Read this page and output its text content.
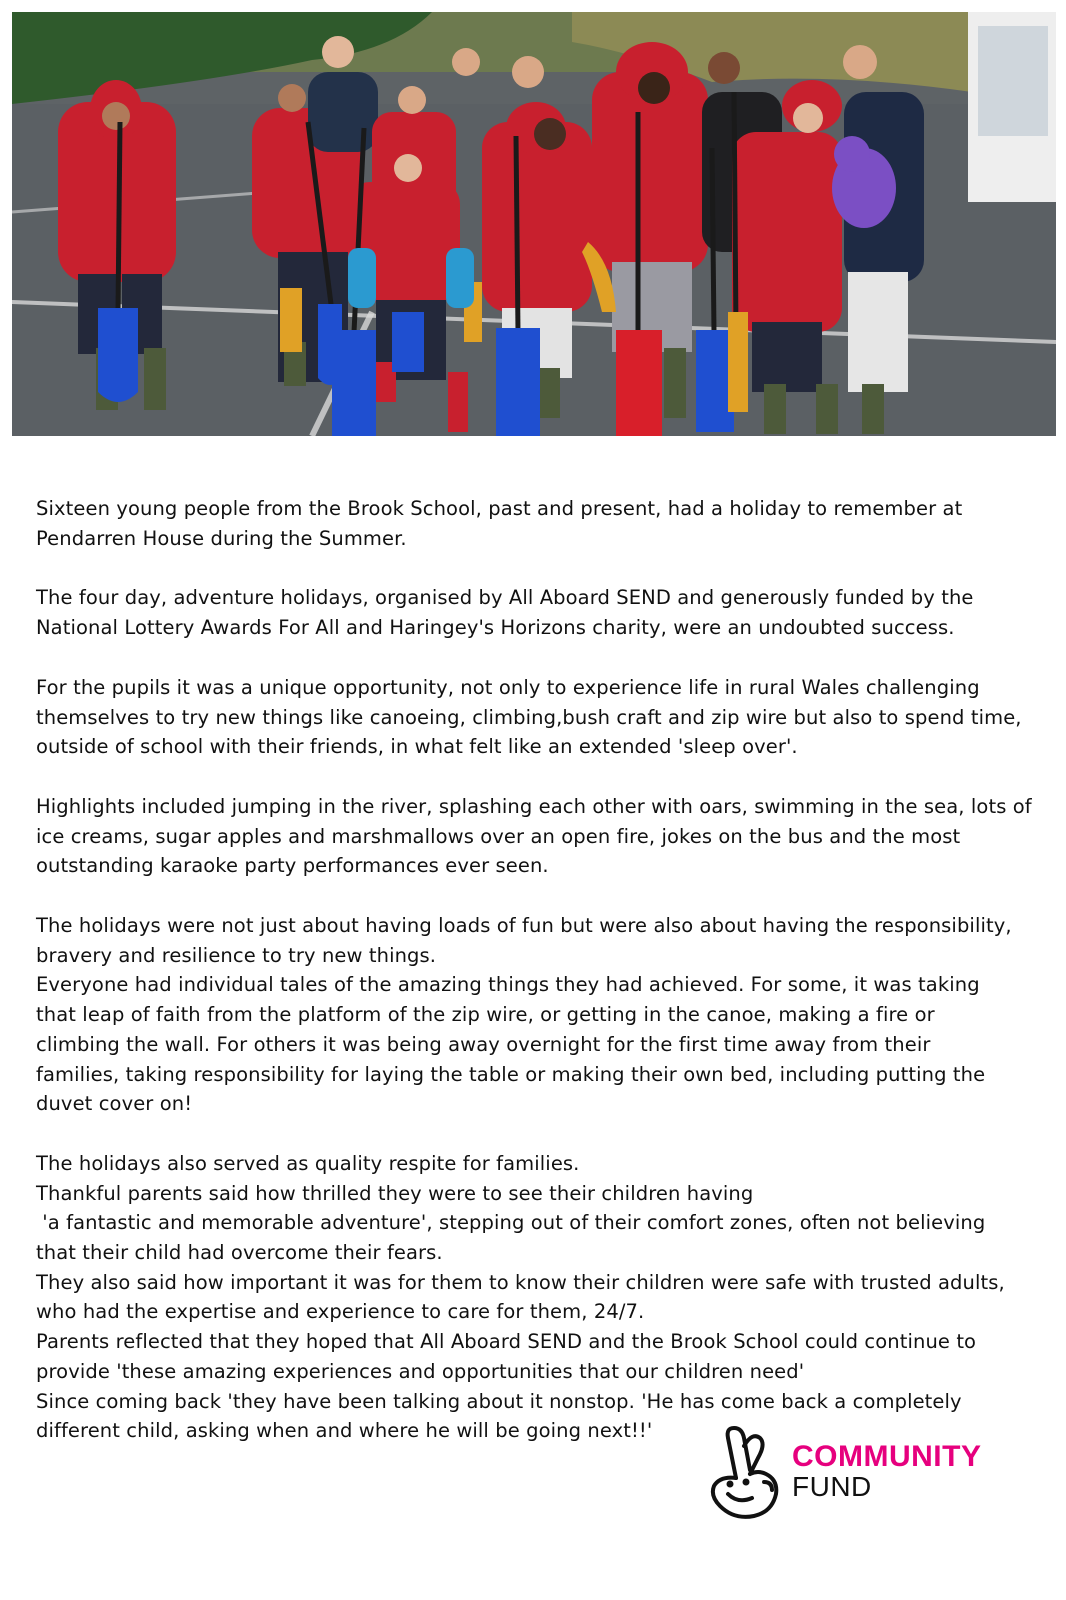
Sixteen young people from the Brook School, past and present, had a holiday to remember at
Pendarren House during the Summer.

The four day, adventure holidays, organised by All Aboard SEND and generously funded by the
National Lottery Awards For All and Haringey's Horizons charity, were an undoubted success.

For the pupils it was a unique opportunity, not only to experience life in rural Wales challenging
themselves to try new things like canoeing, climbing,bush craft and zip wire but also to spend time,
outside of school with their friends, in what felt like an extended 'sleep over'.

Highlights included jumping in the river, splashing each other with oars, swimming in the sea, lots of
ice creams, sugar apples and marshmallows over an open fire, jokes on the bus and the most
outstanding karaoke party performances ever seen.

The holidays were not just about having loads of fun but were also about having the responsibility,
bravery and resilience to try new things.
Everyone had individual tales of the amazing things they had achieved. For some, it was taking
that leap of faith from the platform of the zip wire, or getting in the canoe, making a fire or
climbing the wall. For others it was being away overnight for the first time away from their
families, taking responsibility for laying the table or making their own bed, including putting the
duvet cover on!

The holidays also served as quality respite for families.
Thankful parents said how thrilled they were to see their children having
'a fantastic and memorable adventure', stepping out of their comfort zones, often not believing
that their child had overcome their fears.
They also said how important it was for them to know their children were safe with trusted adults,
who had the expertise and experience to care for them, 24/7.
Parents reflected that they hoped that All Aboard SEND and the Brook School could continue to
provide 'these amazing experiences and opportunities that our children need'
Since coming back 'they have been talking about it nonstop. 'He has come back a completely
different child, asking when and where he will be going next!!'

COMMUNITY
FUND
